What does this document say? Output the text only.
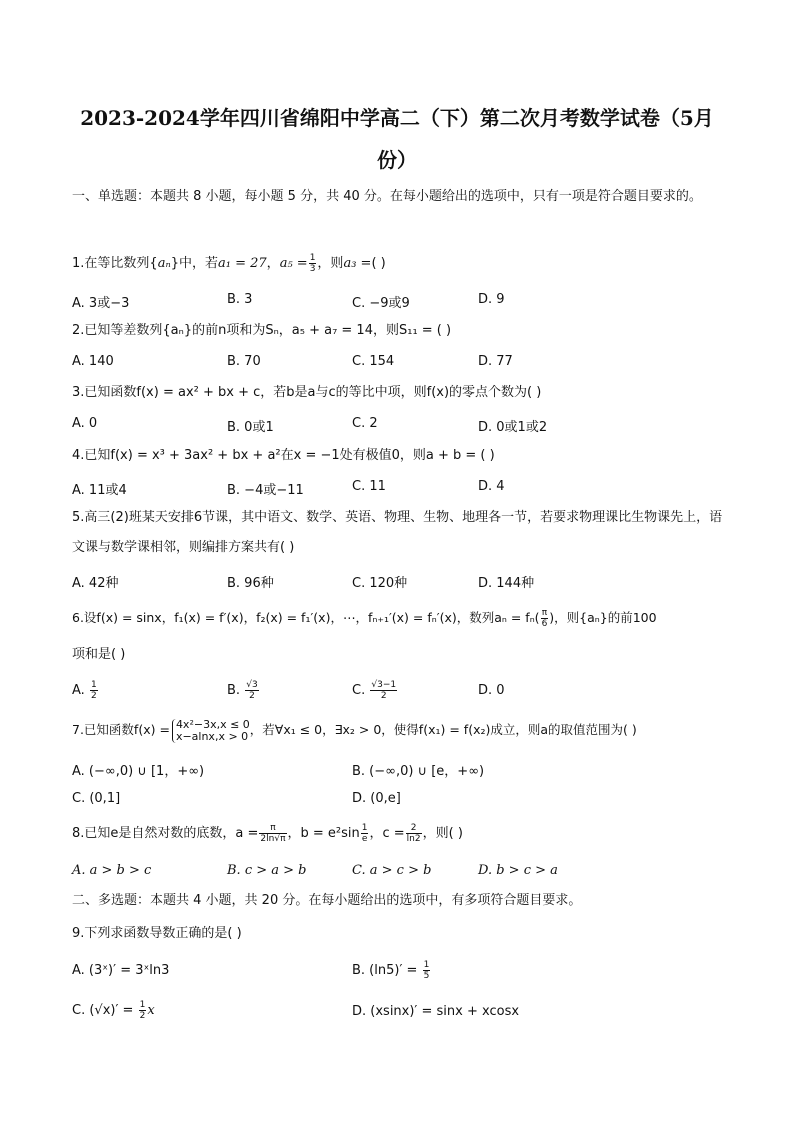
2023-2024学年四川省绵阳中学高二（下）第二次月考数学试卷（5月
份）
一、单选题：本题共 8 小题，每小题 5 分，共 40 分。在每小题给出的选项中，只有一项是符合题目要求的。
1.在等比数列{aₙ}中，若a₁ = 27，$a_5 = \frac{1}{3}$ ，则a₃ =( )
A. 3或−3	B. 3	C. −9或9	D. 9
2.已知等差数列{aₙ}的前n项和为Sₙ，a₅ + a₇ = 14，则S₁₁ = ( )
A. 140	B. 70	C. 154	D. 77
3.已知函数f(x) = ax² + bx + c，若b是a与c的等比中项，则f(x)的零点个数为( )
A. 0	B. 0或1	C. 2	D. 0或1或2
4.已知f(x) = x³ + 3ax² + bx + a²在x = −1处有极值0，则a + b = ( )
A. 11或4	B. −4或−11	C. 11	D. 4
5.高三(2)班某天安排6节课，其中语文、数学、英语、物理、生物、地理各一节，若要求物理课比生物课先上，语文课与数学课相邻，则编排方案共有( )
A. 42种	B. 96种	C. 120种	D. 144种
6.设f(x) = sinx，f₁(x) = f′(x)，f₂(x) = f₁′(x)，⋯，fₙ₊₁′(x) = fₙ′(x)，数列$a_n = f_n( \frac{\pi}{6}$ )，则{aₙ}的前100
项和是( )
A. $\frac{1}{2}$	B. $\frac{√3}{2}$	C. $\frac{√3-1}{2}$	D. 0
7.已知函数f(x) = 4x²−3x,x ≤ 0
x−alnx,x > 0 ，若∀x₁ ≤ 0，∃x₂ > 0，使得f(x₁) = f(x₂)成立，则a的取值范围为( )
A. (−∞,0) ∪ [1，+∞)	B. (−∞,0) ∪ [e，+∞)
C. (0,1]	D. (0,e]
8.已知e是自然对数的底数，$a = \frac{\pi}{2\ln√\pi}$ ，$b = e^2\sin \frac{1}{e}$ ，$c = \frac{2}{\ln 2}$ ，则( )
A. a > b > c	B. c > a > b	C. a > c > b	D. b > c > a
二、多选题：本题共 4 小题，共 20 分。在每小题给出的选项中，有多项符合题目要求。
9.下列求函数导数正确的是( )
A. (3ˣ)′ = 3ˣln3	B. $(\ln 5)' = \frac{1}{5}$
C. $(√x)' = \frac{1}{2}$ x	D. (xsinx)′ = sinx + xcosx
